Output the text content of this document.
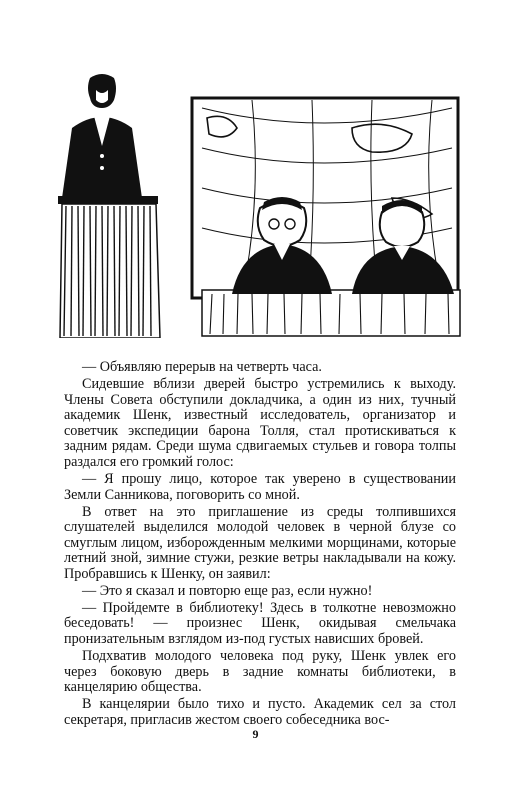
— Объявляю перерыв на четверть часа.

Сидевшие вблизи дверей быстро устремились к выходу. Члены Совета обступили докладчика, а один из них, тучный академик Шенк, известный исследователь, организатор и советчик экспедиции барона Толля, стал протискиваться к задним рядам. Среди шума сдвигаемых стульев и говора толпы раздался его громкий голос:

— Я прошу лицо, которое так уверено в существовании Земли Санникова, поговорить со мной.

В ответ на это приглашение из среды толпившихся слушателей выделился молодой человек в черной блузе со смуглым лицом, изборожденным мелкими морщинами, которые летний зной, зимние стужи, резкие ветры накладывали на кожу. Пробравшись к Шенку, он заявил:

— Это я сказал и повторю еще раз, если нужно!

— Пройдемте в библиотеку! Здесь в толкотне невозможно беседовать! — произнес Шенк, окидывая смельчака пронизательным взглядом из-под густых нависших бровей.

Подхватив молодого человека под руку, Шенк увлек его через боковую дверь в задние комнаты библиотеки, в канцелярию общества.

В канцелярии было тихо и пусто. Академик сел за стол секретаря, пригласив жестом своего собеседника вос-

9
